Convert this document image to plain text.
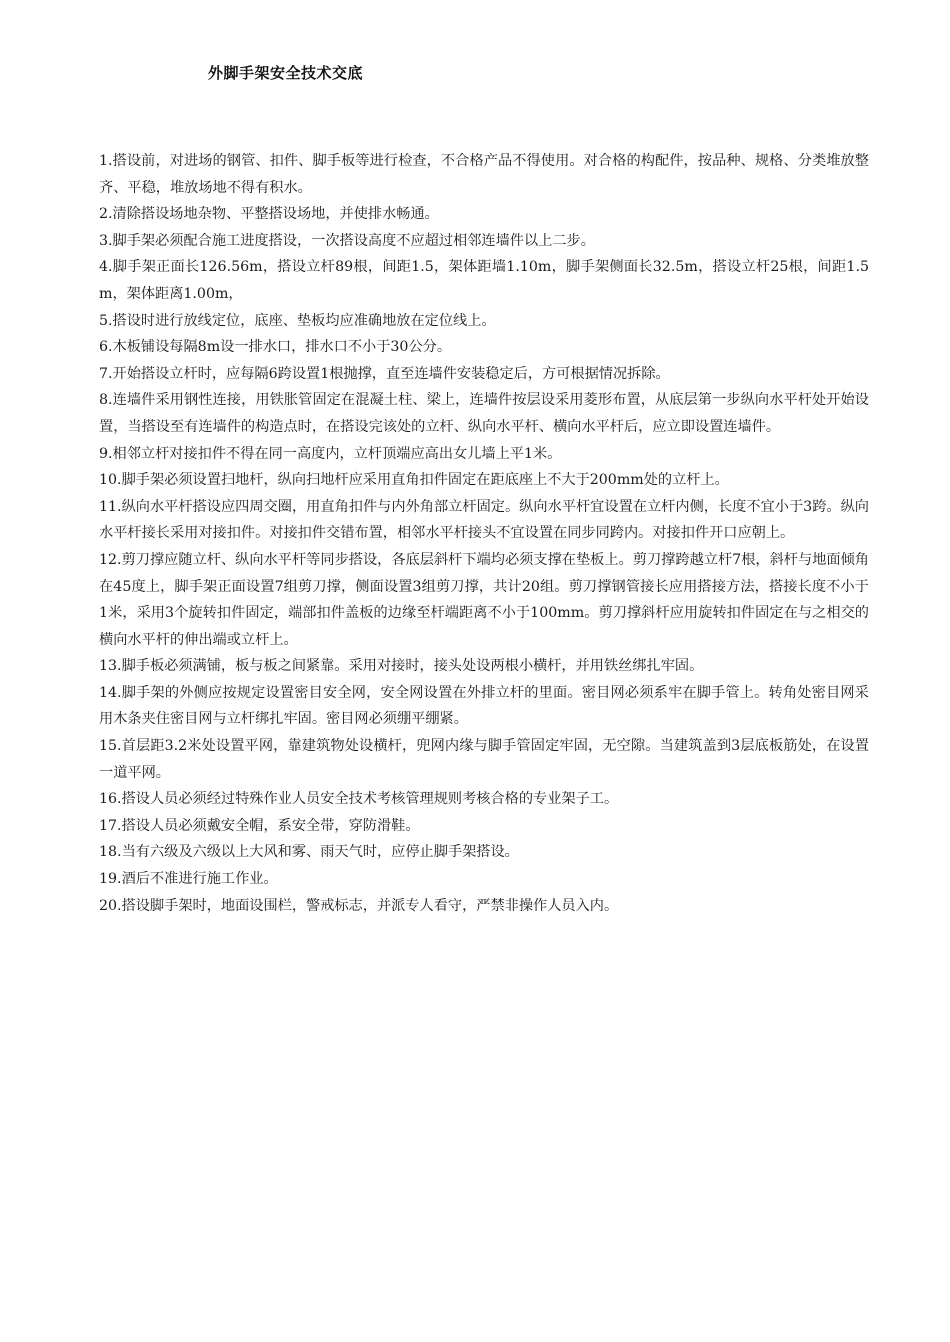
外脚手架安全技术交底
1.搭设前，对进场的钢管、扣件、脚手板等进行检查，不合格产品不得使用。对合格的构配件，按品种、规格、分类堆放整齐、平稳，堆放场地不得有积水。
2.清除搭设场地杂物、平整搭设场地，并使排水畅通。
3.脚手架必须配合施工进度搭设，一次搭设高度不应超过相邻连墙件以上二步。
4.脚手架正面长126.56m，搭设立杆89根，间距1.5，架体距墙1.10m，脚手架侧面长32.5m，搭设立杆25根，间距1.5m，架体距离1.00m，
5.搭设时进行放线定位，底座、垫板均应准确地放在定位线上。
6.木板铺设每隔8m设一排水口，排水口不小于30公分。
7.开始搭设立杆时，应每隔6跨设置1根抛撑，直至连墙件安装稳定后，方可根据情况拆除。
8.连墙件采用钢性连接，用铁胀管固定在混凝土柱、梁上，连墙件按层设采用菱形布置，从底层第一步纵向水平杆处开始设置，当搭设至有连墙件的构造点时，在搭设完该处的立杆、纵向水平杆、横向水平杆后，应立即设置连墙件。
9.相邻立杆对接扣件不得在同一高度内，立杆顶端应高出女儿墙上平1米。
10.脚手架必须设置扫地杆，纵向扫地杆应采用直角扣件固定在距底座上不大于200mm处的立杆上。
11.纵向水平杆搭设应四周交圈，用直角扣件与内外角部立杆固定。纵向水平杆宜设置在立杆内侧，长度不宜小于3跨。纵向水平杆接长采用对接扣件。对接扣件交错布置，相邻水平杆接头不宜设置在同步同跨内。对接扣件开口应朝上。
12.剪刀撑应随立杆、纵向水平杆等同步搭设，各底层斜杆下端均必须支撑在垫板上。剪刀撑跨越立杆7根，斜杆与地面倾角在45度上，脚手架正面设置7组剪刀撑，侧面设置3组剪刀撑，共计20组。剪刀撑钢管接长应用搭接方法，搭接长度不小于1米，采用3个旋转扣件固定，端部扣件盖板的边缘至杆端距离不小于100mm。剪刀撑斜杆应用旋转扣件固定在与之相交的横向水平杆的伸出端或立杆上。
13.脚手板必须满铺，板与板之间紧靠。采用对接时，接头处设两根小横杆，并用铁丝绑扎牢固。
14.脚手架的外侧应按规定设置密目安全网，安全网设置在外排立杆的里面。密目网必须系牢在脚手管上。转角处密目网采用木条夹住密目网与立杆绑扎牢固。密目网必须绷平绷紧。
15.首层距3.2米处设置平网，靠建筑物处设横杆，兜网内缘与脚手管固定牢固，无空隙。当建筑盖到3层底板筋处，在设置一道平网。
16.搭设人员必须经过特殊作业人员安全技术考核管理规则考核合格的专业架子工。
17.搭设人员必须戴安全帽，系安全带，穿防滑鞋。
18.当有六级及六级以上大风和雾、雨天气时，应停止脚手架搭设。
19.酒后不准进行施工作业。
20.搭设脚手架时，地面设围栏，警戒标志，并派专人看守，严禁非操作人员入内。
